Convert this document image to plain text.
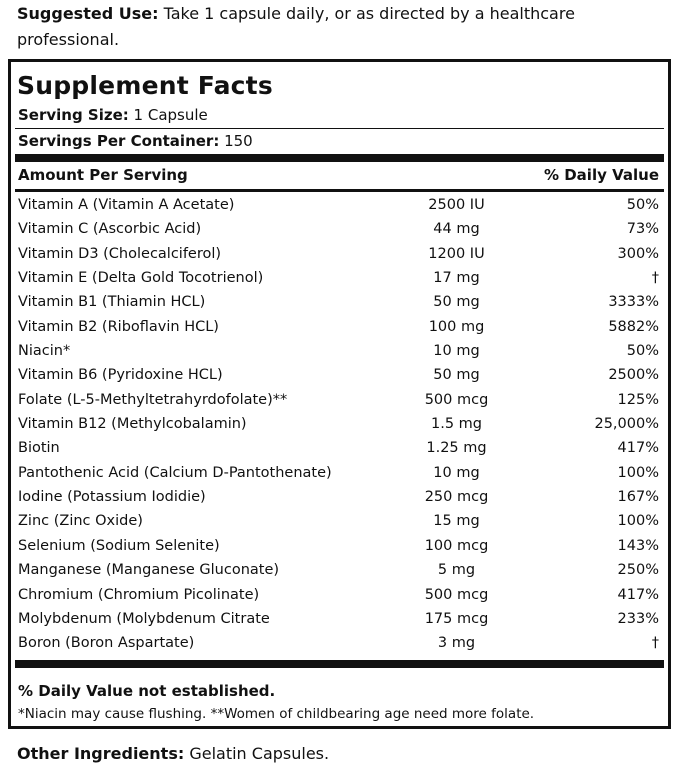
Suggested Use: Take 1 capsule daily, or as directed by a healthcare professional.

Supplement Facts

Serving Size: 1 Capsule

Servings Per Container: 150

Amount Per Serving	% Daily Value
Vitamin A (Vitamin A Acetate)	2500 IU	50%
Vitamin C (Ascorbic Acid)	44 mg	73%
Vitamin D3 (Cholecalciferol)	1200 IU	300%
Vitamin E (Delta Gold Tocotrienol)	17 mg	†
Vitamin B1 (Thiamin HCL)	50 mg	3333%
Vitamin B2 (Riboflavin HCL)	100 mg	5882%
Niacin*	10 mg	50%
Vitamin B6 (Pyridoxine HCL)	50 mg	2500%
Folate (L-5-Methyltetrahyrdofolate)**	500 mcg	125%
Vitamin B12 (Methylcobalamin)	1.5 mg	25,000%
Biotin	1.25 mg	417%
Pantothenic Acid (Calcium D-Pantothenate)	10 mg	100%
Iodine (Potassium Iodidie)	250 mcg	167%
Zinc (Zinc Oxide)	15 mg	100%
Selenium (Sodium Selenite)	100 mcg	143%
Manganese (Manganese Gluconate)	5 mg	250%
Chromium (Chromium Picolinate)	500 mcg	417%
Molybdenum (Molybdenum Citrate	175 mcg	233%
Boron (Boron Aspartate)	3 mg	†

% Daily Value not established.

*Niacin may cause flushing. **Women of childbearing age need more folate.

Other Ingredients: Gelatin Capsules.
